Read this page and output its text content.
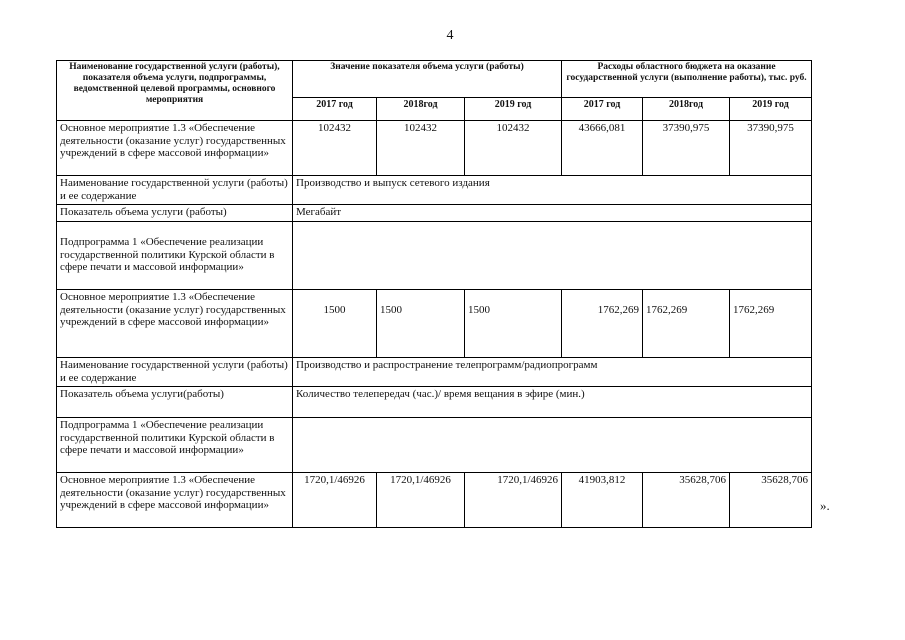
4
Наименование государственной услуги (работы), показателя объема услуги, подпрограммы, ведомственной целевой программы, основного мероприятия	Значение показателя объема услуги (работы)			Расходы областного бюджета на оказание государственной услуги (выполнение работы), тыс. руб.		
	2017 год	2018год	2019 год	2017 год	2018год	2019 год
Основное мероприятие 1.3 «Обеспечение деятельности (оказание услуг) государственных учреждений в сфере массовой информации»	102432	102432	102432	43666,081	37390,975	37390,975
Наименование государственной услуги (работы) и ее содержание	Производство и выпуск сетевого издания					
Показатель объема услуги (работы)	Мегабайт					
Подпрограмма 1 «Обеспечение реализации государственной политики Курской области в сфере печати и массовой информации»						
Основное мероприятие 1.3 «Обеспечение деятельности (оказание услуг) государственных учреждений в сфере массовой информации»	1500	1500	1500	1762,269	1762,269	1762,269
Наименование государственной услуги (работы) и ее содержание	Производство и распространение телепрограмм/радиопрограмм					
Показатель объема услуги(работы)	Количество телепередач (час.)/ время вещания в эфире (мин.)					
Подпрограмма 1 «Обеспечение реализации государственной политики Курской области в сфере печати и массовой информации»						
Основное мероприятие 1.3 «Обеспечение деятельности (оказание услуг) государственных учреждений в сфере массовой информации»	1720,1/46926	1720,1/46926	1720,1/46926	41903,812	35628,706	35628,706
».
